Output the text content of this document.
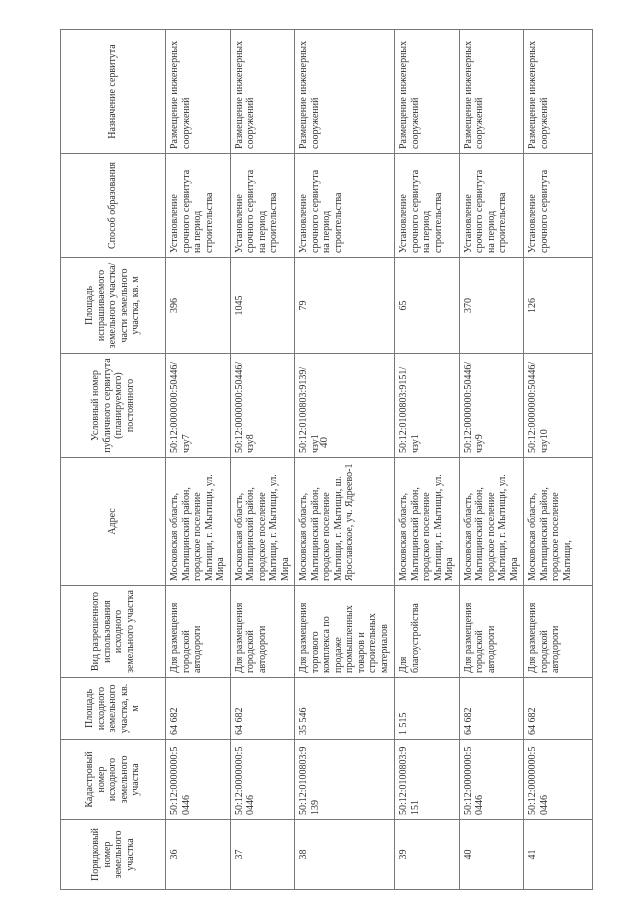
40
Порядковый номер земельного участка	Кадастровый номер исходного земельного участка	Площадь исходного земельного участка, кв. м	Вид разрешенного использования исходного земельного участка	Адрес	Условный номер публичного сервитута (планируемого) постоянного	Площадь испрашиваемого земельного участка/части земельного участка, кв. м	Способ образования	Назначение сервитута
36	50:12:0000000:50446	64 682	Для размещения городской автодороги	Московская область, Мытищинский район, городское поселение Мытищи, г. Мытищи, ул. Мира	50:12:0000000:50446/чзу7	396	Установление срочного сервитута на период строительства	Размещение инженерных сооружений
37	50:12:0000000:50446	64 682	Для размещения городской автодороги	Московская область, Мытищинский район, городское поселение Мытищи, г. Мытищи, ул. Мира	50:12:0000000:50446/чзу8	1045	Установление срочного сервитута на период строительства	Размещение инженерных сооружений
38	50:12:0100803:9139	35 546	Для размещения торгового комплекса по продаже промышленных товаров и строительных материалов	Московская область, Мытищинский район, городское поселение Мытищи, г. Мытищи, ш. Ярославское, уч. Ядреево-1	50:12:0100803:9139/чзу1	79	Установление срочного сервитута на период строительства	Размещение инженерных сооружений
39	50:12:0100803:9151	1 515	Для благоустройства	Московская область, Мытищинский район, городское поселение Мытищи, г. Мытищи, ул. Мира	50:12:0100803:9151/чзу1	65	Установление срочного сервитута на период строительства	Размещение инженерных сооружений
40	50:12:0000000:50446	64 682	Для размещения городской автодороги	Московская область, Мытищинский район, городское поселение Мытищи, г. Мытищи, ул. Мира	50:12:0000000:50446/чзу9	370	Установление срочного сервитута на период строительства	Размещение инженерных сооружений
41	50:12:0000000:50446	64 682	Для размещения городской автодороги	Московская область, Мытищинский район, городское поселение Мытищи,	50:12:0000000:50446/чзу10	126	Установление срочного сервитута	Размещение инженерных сооружений
